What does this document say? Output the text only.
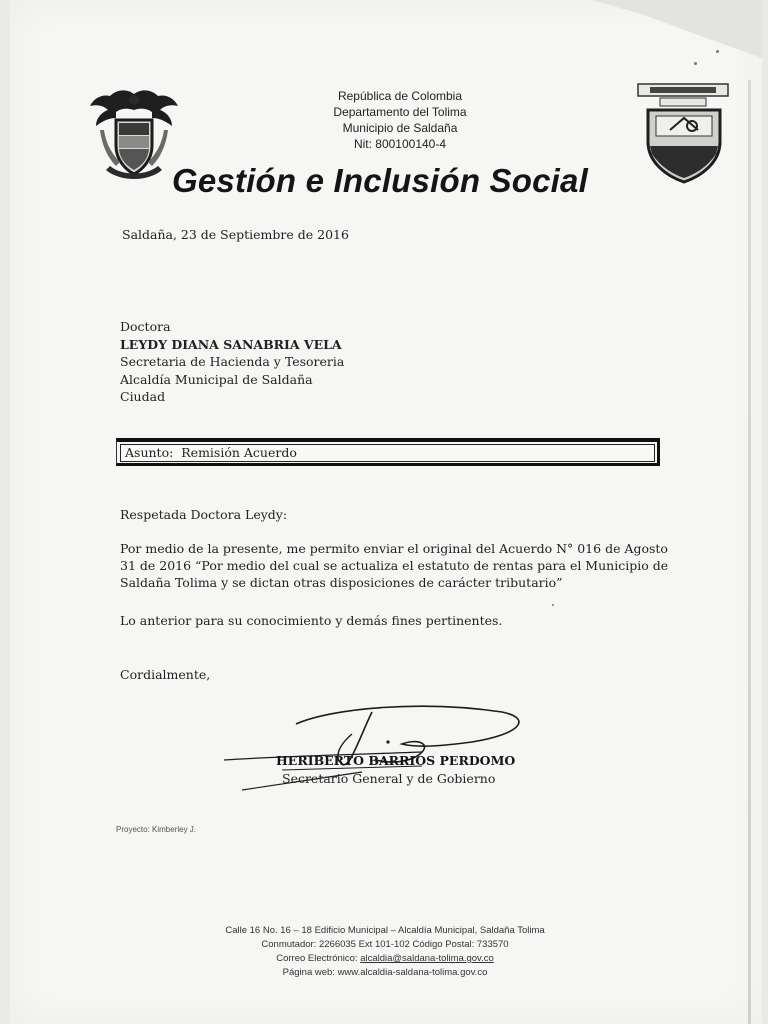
República de Colombia
Departamento del Tolima
Municipio de Saldaña
Nit: 800100140-4
Gestión e Inclusión Social
Saldaña, 23 de Septiembre de 2016
Doctora
LEYDY DIANA SANABRIA VELA
Secretaria de Hacienda y Tesoreria
Alcaldía Municipal de Saldaña
Ciudad
Asunto: Remisión Acuerdo
Respetada Doctora Leydy:
Por medio de la presente, me permito enviar el original del Acuerdo N° 016 de Agosto
31 de 2016 “Por medio del cual se actualiza el estatuto de rentas para el Municipio de
Saldaña Tolima y se dictan otras disposiciones de carácter tributario”
Lo anterior para su conocimiento y demás fines pertinentes.
Cordialmente,
HERIBERTO BARRIOS PERDOMO
Secretario General y de Gobierno
Proyecto: Kimberley J.
Calle 16 No. 16 – 18 Edificio Municipal – Alcaldía Municipal, Saldaña Tolima
Conmutador: 2266035 Ext 101-102 Código Postal: 733570
Correo Electrónico: alcaldia@saldana-tolima.gov.co
Página web: www.alcaldia-saldana-tolima.gov.co
